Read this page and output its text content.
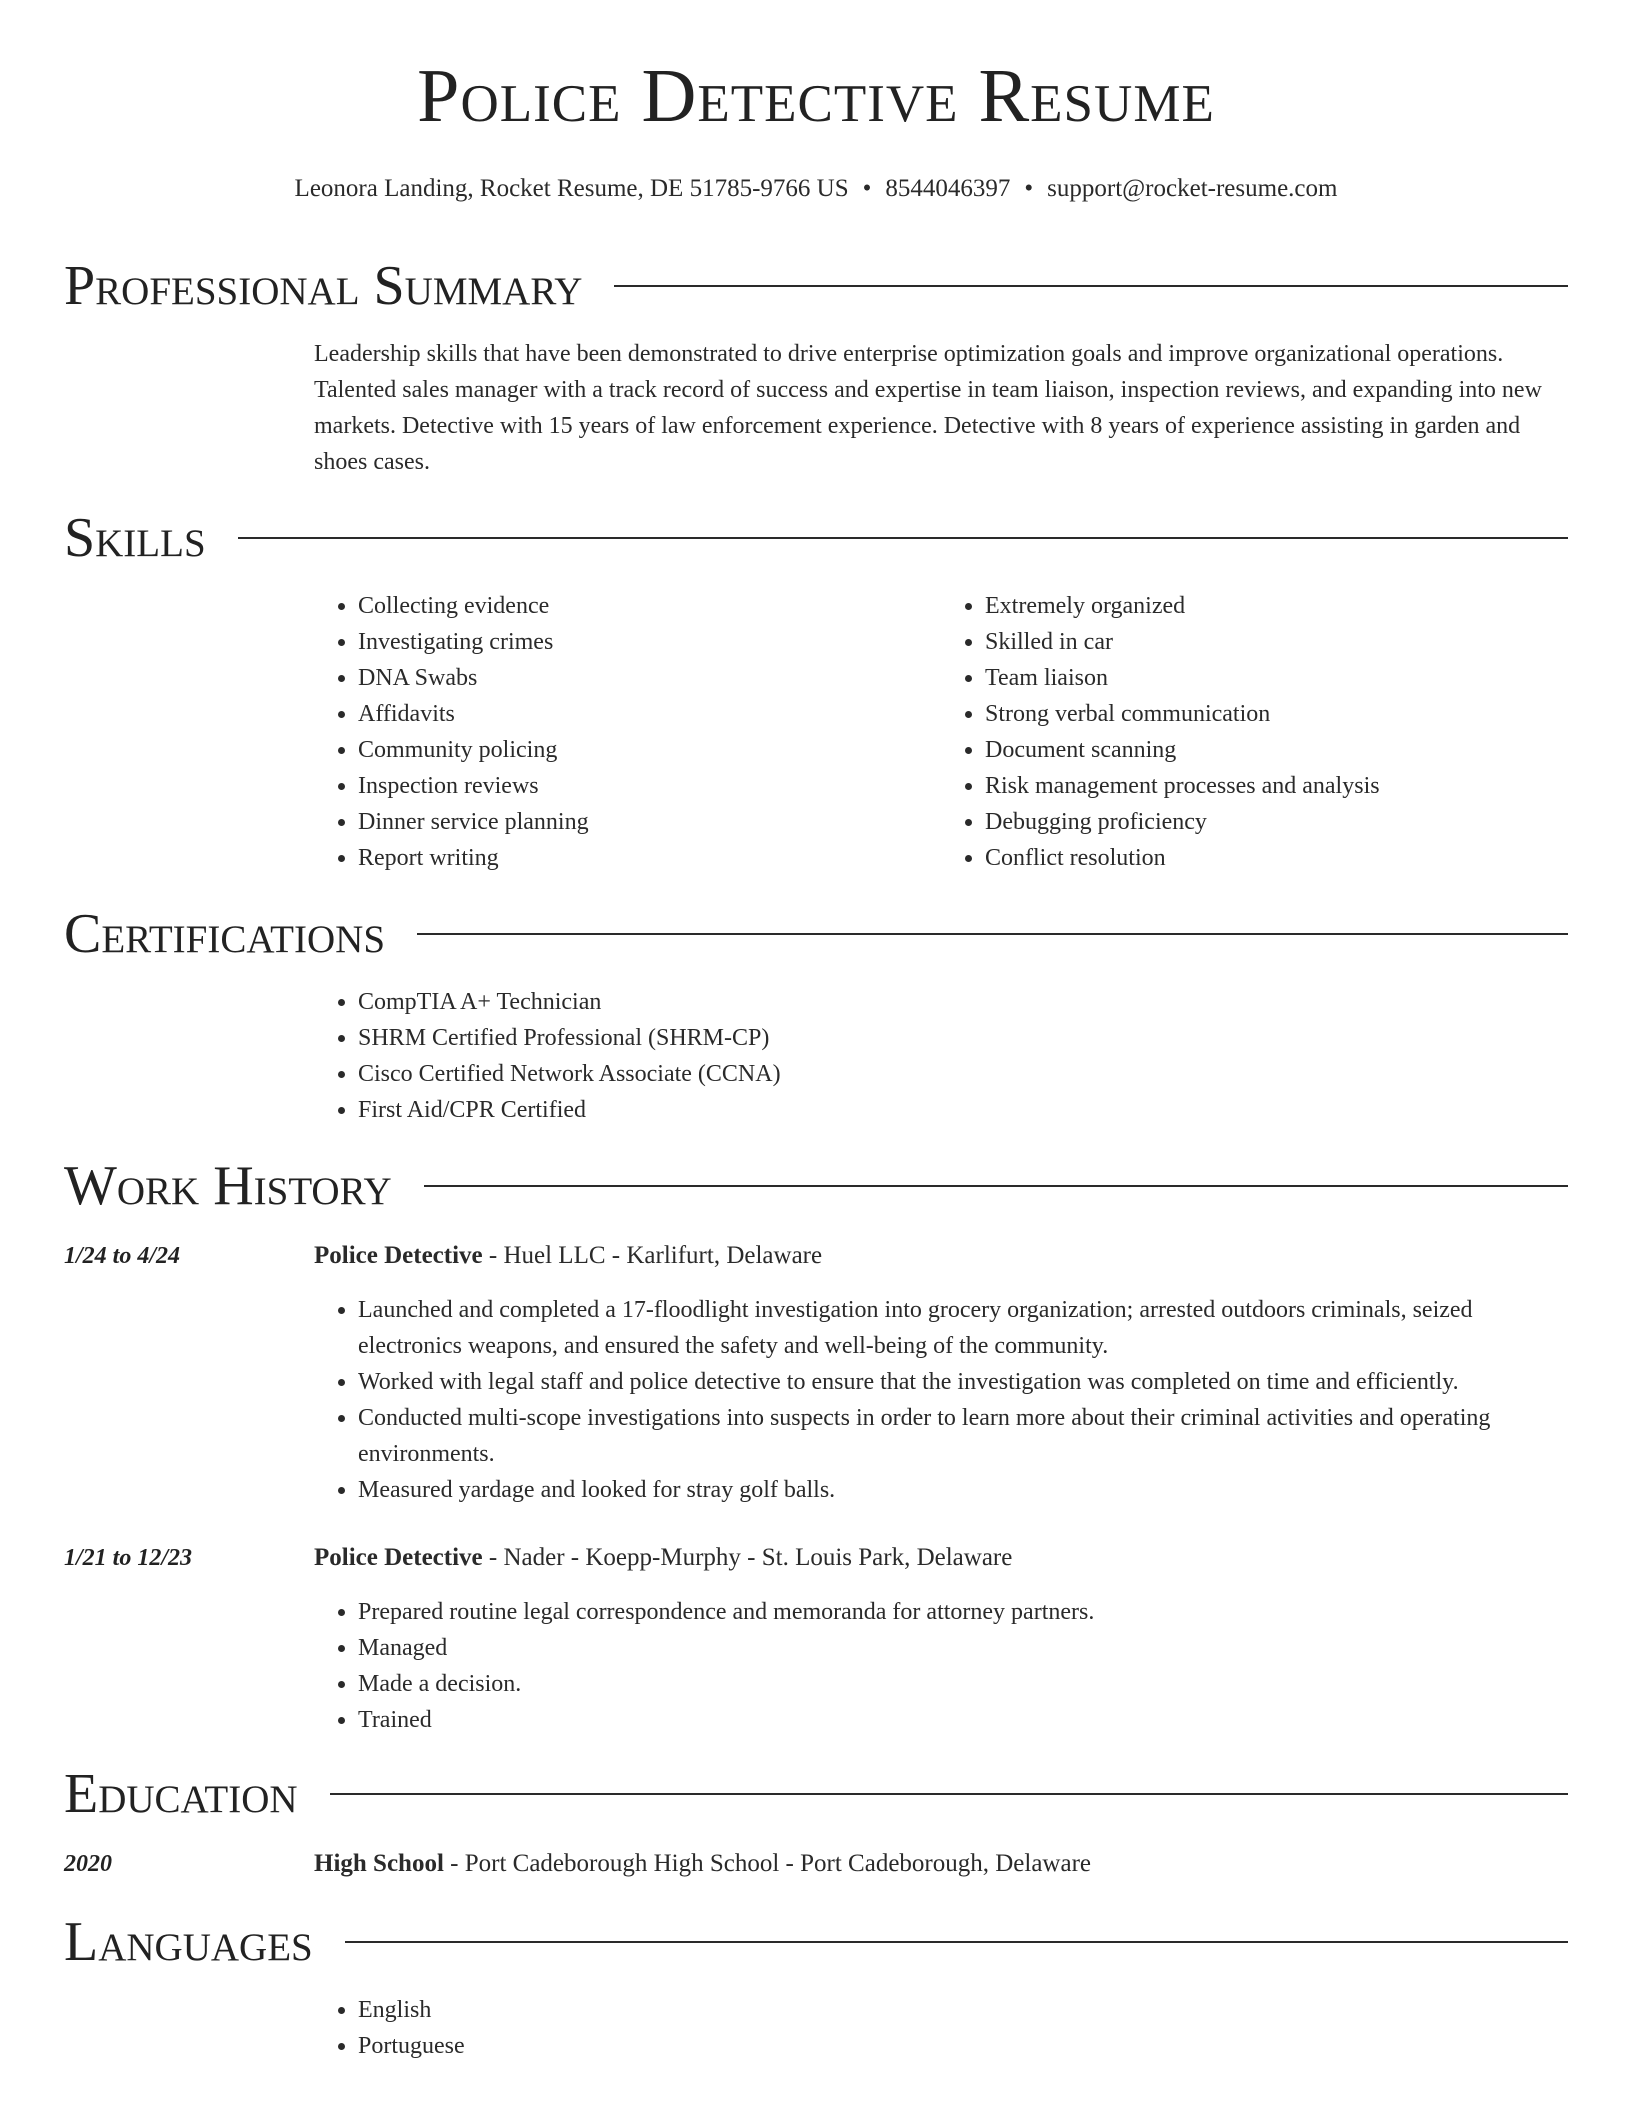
Police Detective Resume
Leonora Landing, Rocket Resume, DE 51785-9766 US • 8544046397 • support@rocket-resume.com
Professional Summary
Leadership skills that have been demonstrated to drive enterprise optimization goals and improve organizational operations. Talented sales manager with a track record of success and expertise in team liaison, inspection reviews, and expanding into new markets. Detective with 15 years of law enforcement experience. Detective with 8 years of experience assisting in garden and shoes cases.
Skills
• Collecting evidence
• Investigating crimes
• DNA Swabs
• Affidavits
• Community policing
• Inspection reviews
• Dinner service planning
• Report writing
• Extremely organized
• Skilled in car
• Team liaison
• Strong verbal communication
• Document scanning
• Risk management processes and analysis
• Debugging proficiency
• Conflict resolution
Certifications
• CompTIA A+ Technician
• SHRM Certified Professional (SHRM-CP)
• Cisco Certified Network Associate (CCNA)
• First Aid/CPR Certified
Work History
1/24 to 4/24	Police Detective - Huel LLC - Karlifurt, Delaware
• Launched and completed a 17-floodlight investigation into grocery organization; arrested outdoors criminals, seized electronics weapons, and ensured the safety and well-being of the community.
• Worked with legal staff and police detective to ensure that the investigation was completed on time and efficiently.
• Conducted multi-scope investigations into suspects in order to learn more about their criminal activities and operating environments.
• Measured yardage and looked for stray golf balls.
1/21 to 12/23	Police Detective - Nader - Koepp-Murphy - St. Louis Park, Delaware
• Prepared routine legal correspondence and memoranda for attorney partners.
• Managed
• Made a decision.
• Trained
Education
2020	High School - Port Cadeborough High School - Port Cadeborough, Delaware
Languages
• English
• Portuguese
